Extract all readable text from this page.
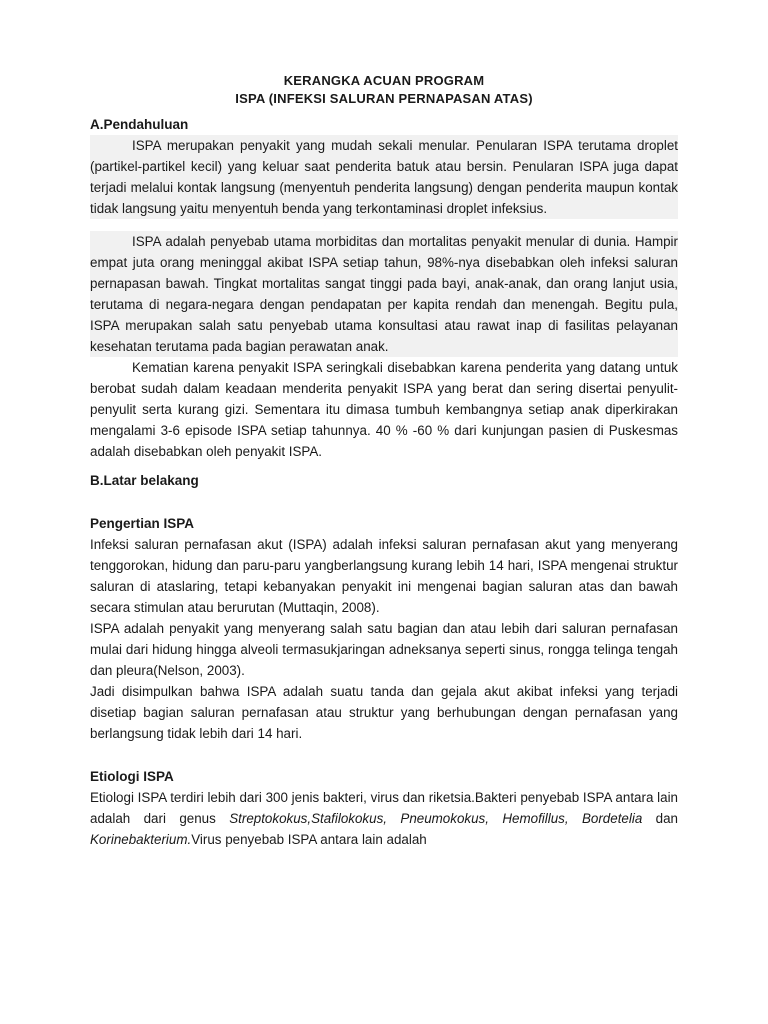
KERANGKA ACUAN PROGRAM
ISPA (INFEKSI SALURAN PERNAPASAN ATAS)
A.Pendahuluan

ISPA merupakan penyakit yang mudah sekali menular. Penularan ISPA terutama droplet (partikel-partikel kecil) yang keluar saat penderita batuk atau bersin. Penularan ISPA juga dapat terjadi melalui kontak langsung (menyentuh penderita langsung) dengan penderita maupun kontak tidak langsung yaitu menyentuh benda yang terkontaminasi droplet infeksius.

ISPA adalah penyebab utama morbiditas dan mortalitas penyakit menular di dunia. Hampir empat juta orang meninggal akibat ISPA setiap tahun, 98%-nya disebabkan oleh infeksi saluran pernapasan bawah. Tingkat mortalitas sangat tinggi pada bayi, anak-anak, dan orang lanjut usia, terutama di negara-negara dengan pendapatan per kapita rendah dan menengah. Begitu pula, ISPA merupakan salah satu penyebab utama konsultasi atau rawat inap di fasilitas pelayanan kesehatan terutama pada bagian perawatan anak.

Kematian karena penyakit ISPA seringkali disebabkan karena penderita yang datang untuk berobat sudah dalam keadaan menderita penyakit ISPA yang berat dan sering disertai penyulit-penyulit serta kurang gizi. Sementara itu dimasa tumbuh kembangnya setiap anak diperkirakan mengalami 3-6 episode ISPA setiap tahunnya. 40 % -60 % dari kunjungan pasien di Puskesmas adalah disebabkan oleh penyakit ISPA.

B.Latar belakang
Pengertian ISPA

Infeksi saluran pernafasan akut (ISPA) adalah infeksi saluran pernafasan akut yang menyerang tenggorokan, hidung dan paru-paru yangberlangsung kurang lebih 14 hari, ISPA mengenai struktur saluran di ataslaring, tetapi kebanyakan penyakit ini mengenai bagian saluran atas dan bawah secara stimulan atau berurutan (Muttaqin, 2008).

ISPA adalah penyakit yang menyerang salah satu bagian dan atau lebih dari saluran pernafasan mulai dari hidung hingga alveoli termasukjaringan adneksanya seperti sinus, rongga telinga tengah dan pleura(Nelson, 2003).

Jadi disimpulkan bahwa ISPA adalah suatu tanda dan gejala akut akibat infeksi yang terjadi disetiap bagian saluran pernafasan atau struktur yang berhubungan dengan pernafasan yang berlangsung tidak lebih dari 14 hari.

Etiologi ISPA

Etiologi ISPA terdiri lebih dari 300 jenis bakteri, virus dan riketsia.Bakteri penyebab ISPA antara lain adalah dari genus Streptokokus,Stafilokokus, Pneumokokus, Hemofillus, Bordetelia dan Korinebakterium.Virus penyebab ISPA antara lain adalah
